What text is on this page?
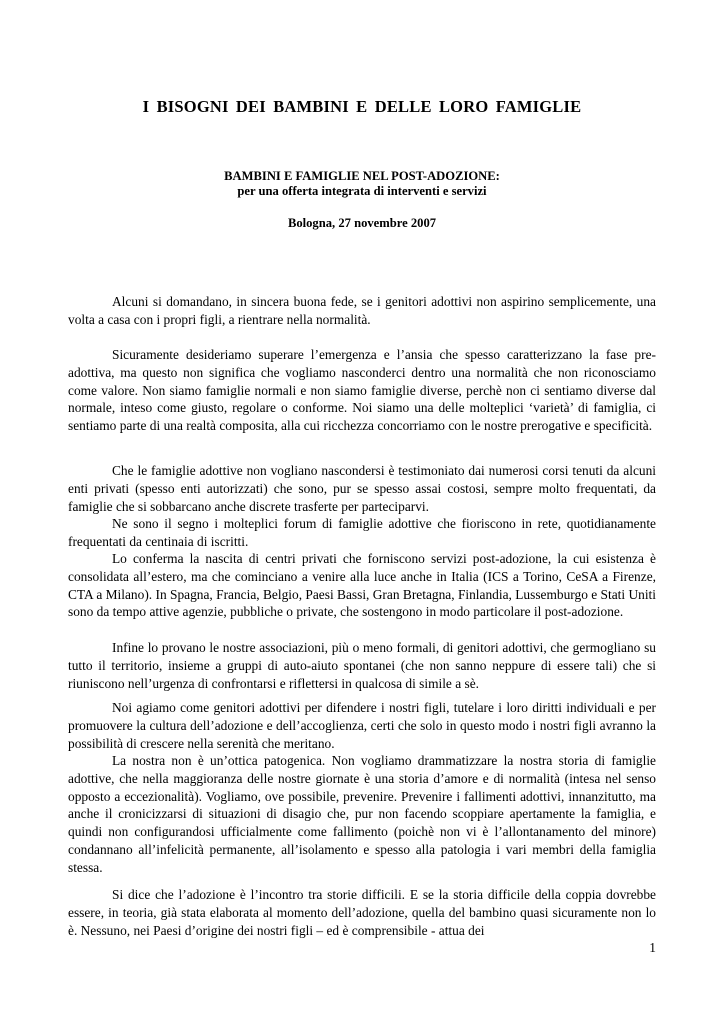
I BISOGNI DEI BAMBINI E DELLE LORO FAMIGLIE
BAMBINI E FAMIGLIE NEL POST-ADOZIONE:
per una offerta integrata di interventi e servizi
Bologna, 27 novembre 2007

Alcuni si domandano, in sincera buona fede, se i genitori adottivi non aspirino semplicemente, una volta a casa con i propri figli, a rientrare nella normalità.

Sicuramente desideriamo superare l’emergenza e l’ansia che spesso caratterizzano la fase pre-adottiva, ma questo non significa che vogliamo nasconderci dentro una normalità che non riconosciamo come valore. Non siamo famiglie normali e non siamo famiglie diverse, perchè non ci sentiamo diverse dal normale, inteso come giusto, regolare o conforme. Noi siamo una delle molteplici ‘varietà’ di famiglia, ci sentiamo parte di una realtà composita, alla cui ricchezza concorriamo con le nostre prerogative e specificità.

Che le famiglie adottive non vogliano nascondersi è testimoniato dai numerosi corsi tenuti da alcuni enti privati (spesso enti autorizzati) che sono, pur se spesso assai costosi, sempre molto frequentati, da famiglie che si sobbarcano anche discrete trasferte per parteciparvi.

Ne sono il segno i molteplici forum di famiglie adottive che fioriscono in rete, quotidianamente frequentati da centinaia di iscritti.

Lo conferma la nascita di centri privati che forniscono servizi post-adozione, la cui esistenza è consolidata all’estero, ma che cominciano a venire alla luce anche in Italia (ICS a Torino, CeSA a Firenze, CTA a Milano). In Spagna, Francia, Belgio, Paesi Bassi, Gran Bretagna, Finlandia, Lussemburgo e Stati Uniti sono da tempo attive agenzie, pubbliche o private, che sostengono in modo particolare il post-adozione.

Infine lo provano le nostre associazioni, più o meno formali, di genitori adottivi, che germogliano su tutto il territorio, insieme a gruppi di auto-aiuto spontanei (che non sanno neppure di essere tali) che si riuniscono nell’urgenza di confrontarsi e riflettersi in qualcosa di simile a sè.

Noi agiamo come genitori adottivi per difendere i nostri figli, tutelare i loro diritti individuali e per promuovere la cultura dell’adozione e dell’accoglienza, certi che solo in questo modo i nostri figli avranno la possibilità di crescere nella serenità che meritano.

La nostra non è un’ottica patogenica. Non vogliamo drammatizzare la nostra storia di famiglie adottive, che nella maggioranza delle nostre giornate è una storia d’amore e di normalità (intesa nel senso opposto a eccezionalità). Vogliamo, ove possibile, prevenire. Prevenire i fallimenti adottivi, innanzitutto, ma anche il cronicizzarsi di situazioni di disagio che, pur non facendo scoppiare apertamente la famiglia, e quindi non configurandosi ufficialmente come fallimento (poichè non vi è l’allontanamento del minore) condannano all’infelicità permanente, all’isolamento e spesso alla patologia i vari membri della famiglia stessa.

Si dice che l’adozione è l’incontro tra storie difficili. E se la storia difficile della coppia dovrebbe essere, in teoria, già stata elaborata al momento dell’adozione, quella del bambino quasi sicuramente non lo è. Nessuno, nei Paesi d’origine dei nostri figli – ed è comprensibile - attua dei

1
